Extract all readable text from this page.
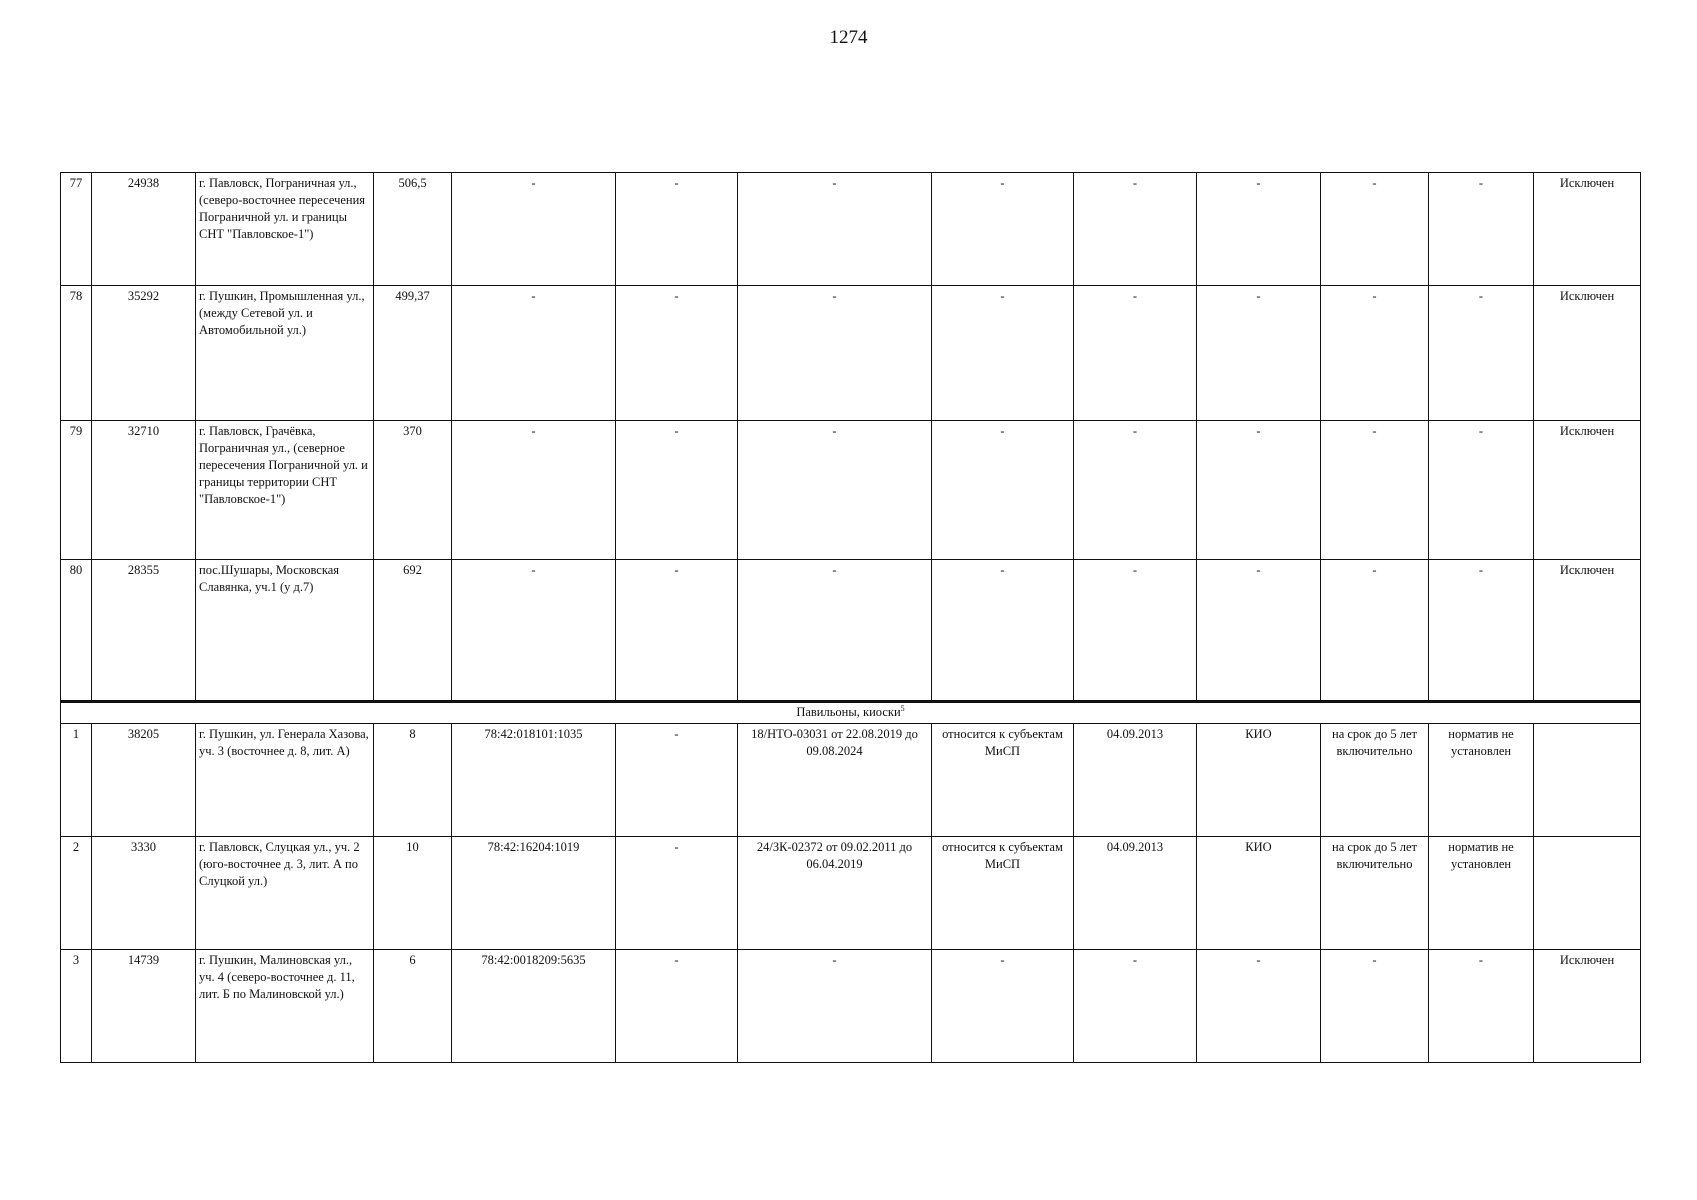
1274
77	24938	г. Павловск, Пограничная ул., (северо-восточнее пересечения Пограничной ул. и границы СНТ "Павловское-1")	506,5	-	-	-	-	-	-	-	-	Исключен
78	35292	г. Пушкин, Промышленная ул., (между Сетевой ул. и Автомобильной ул.)	499,37	-	-	-	-	-	-	-	-	Исключен
79	32710	г. Павловск, Грачёвка, Пограничная ул., (северное пересечения Пограничной ул. и границы территории СНТ "Павловское-1")	370	-	-	-	-	-	-	-	-	Исключен
80	28355	пос.Шушары, Московская Славянка, уч.1 (у д.7)	692	-	-	-	-	-	-	-	-	Исключен
Павильоны, киоски$^5$
1	38205	г. Пушкин, ул. Генерала Хазова, уч. 3 (восточнее д. 8, лит. А)	8	78:42:018101:1035	-	18/НТО-03031 от 22.08.2019 до 09.08.2024	относится к субъектам МиСП	04.09.2013	КИО	на срок до 5 лет включительно	норматив не установлен	
2	3330	г. Павловск, Слуцкая ул., уч. 2 (юго-восточнее д. 3, лит. А по Слуцкой ул.)	10	78:42:16204:1019	-	24/ЗК-02372 от 09.02.2011 до 06.04.2019	относится к субъектам МиСП	04.09.2013	КИО	на срок до 5 лет включительно	норматив не установлен	
3	14739	г. Пушкин, Малиновская ул., уч. 4 (северо-восточнее д. 11, лит. Б по Малиновской ул.)	6	78:42:0018209:5635	-	-	-	-	-	-	-	Исключен
